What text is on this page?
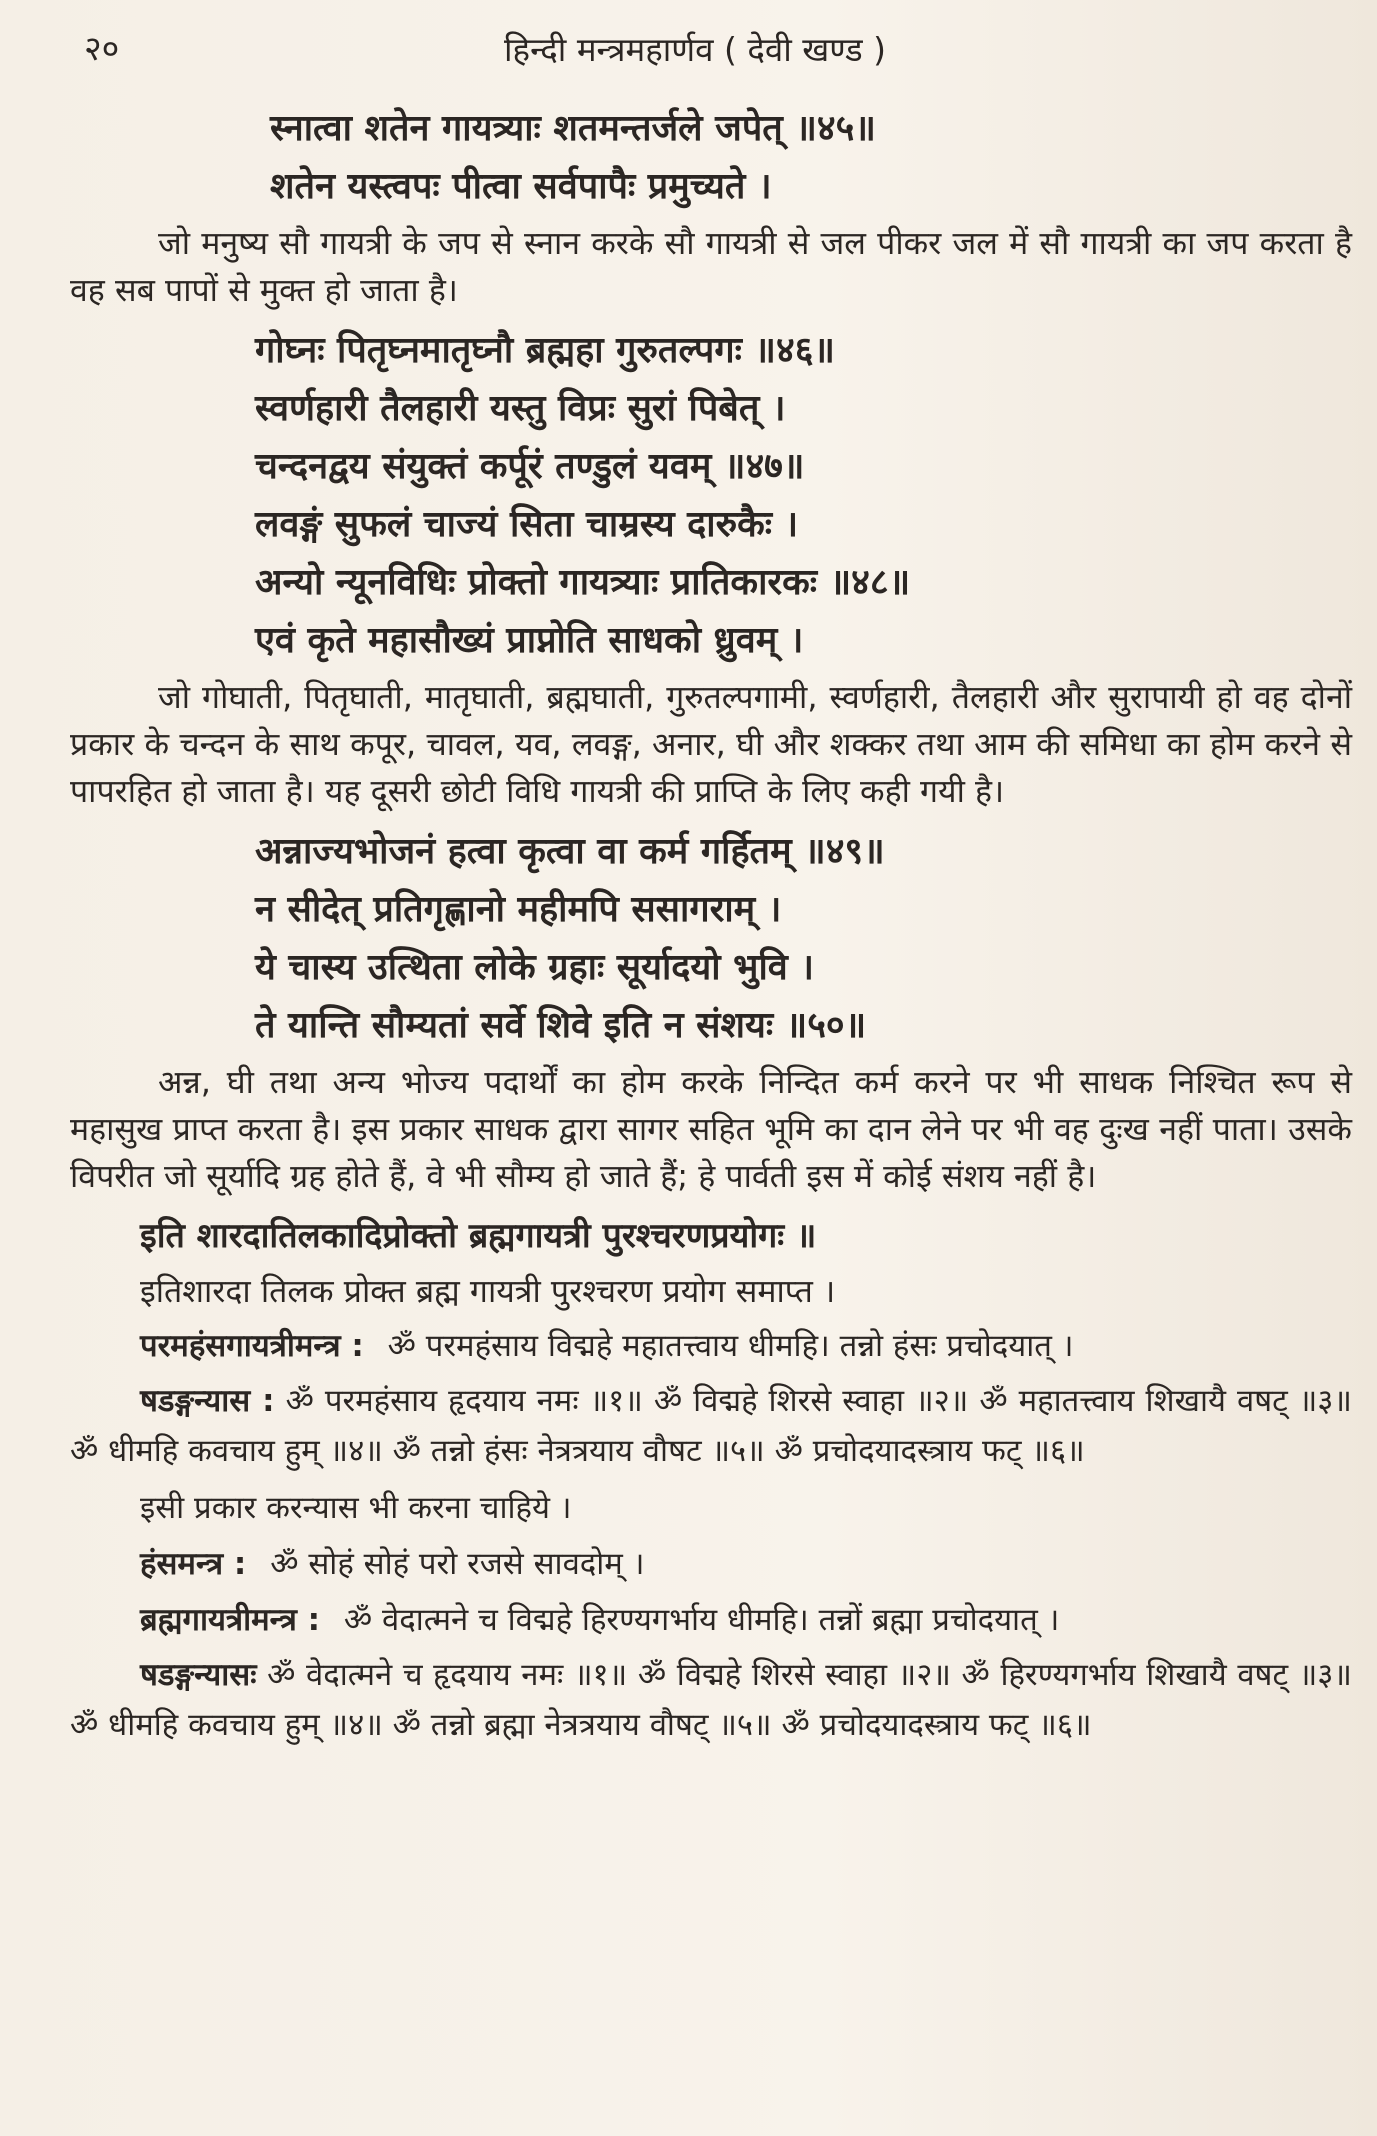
२०	हिन्दी मन्त्रमहार्णव ( देवी खण्ड )
स्नात्वा शतेन गायत्र्याः शतमन्तर्जले जपेत् ॥४५॥
शतेन यस्त्वपः पीत्वा सर्वपापैः प्रमुच्यते ।
जो मनुष्य सौ गायत्री के जप से स्नान करके सौ गायत्री से जल पीकर जल में सौ गायत्री का जप करता है वह सब पापों से मुक्त हो जाता है।
गोघ्नः पितृघ्नमातृघ्नौ ब्रह्महा गुरुतल्पगः ॥४६॥
स्वर्णहारी तैलहारी यस्तु विप्रः सुरां पिबेत् ।
चन्दनद्वय संयुक्तं कर्पूरं तण्डुलं यवम् ॥४७॥
लवङ्गं सुफलं चाज्यं सिता चाम्रस्य दारुकैः ।
अन्यो न्यूनविधिः प्रोक्तो गायत्र्याः प्रातिकारकः ॥४८॥
एवं कृते महासौख्यं प्राप्नोति साधको ध्रुवम् ।
जो गोघाती, पितृघाती, मातृघाती, ब्रह्मघाती, गुरुतल्पगामी, स्वर्णहारी, तैलहारी और सुरापायी हो वह दोनों प्रकार के चन्दन के साथ कपूर, चावल, यव, लवङ्ग, अनार, घी और शक्कर तथा आम की समिधा का होम करने से पापरहित हो जाता है। यह दूसरी छोटी विधि गायत्री की प्राप्ति के लिए कही गयी है।
अन्नाज्यभोजनं हत्वा कृत्वा वा कर्म गर्हितम् ॥४९॥
न सीदेत् प्रतिगृह्णानो महीमपि ससागराम् ।
ये चास्य उत्थिता लोके ग्रहाः सूर्यादयो भुवि ।
ते यान्ति सौम्यतां सर्वे शिवे इति न संशयः ॥५०॥
अन्न, घी तथा अन्य भोज्य पदार्थों का होम करके निन्दित कर्म करने पर भी साधक निश्चित रूप से महासुख प्राप्त करता है। इस प्रकार साधक द्वारा सागर सहित भूमि का दान लेने पर भी वह दुःख नहीं पाता। उसके विपरीत जो सूर्यादि ग्रह होते हैं, वे भी सौम्य हो जाते हैं; हे पार्वती इस में कोई संशय नहीं है।
इति शारदातिलकादिप्रोक्तो ब्रह्मगायत्री पुरश्चरणप्रयोगः ॥
इतिशारदा तिलक प्रोक्त ब्रह्म गायत्री पुरश्चरण प्रयोग समाप्त ।
परमहंसगायत्रीमन्त्र : ॐ परमहंसाय विद्महे महातत्त्वाय धीमहि। तन्नो हंसः प्रचोदयात् ।
षडङ्गन्यास : ॐ परमहंसाय हृदयाय नमः ॥१॥ ॐ विद्महे शिरसे स्वाहा ॥२॥ ॐ महातत्त्वाय शिखायै वषट् ॥३॥ ॐ धीमहि कवचाय हुम् ॥४॥ ॐ तन्नो हंसः नेत्रत्रयाय वौषट ॥५॥ ॐ प्रचोदयादस्त्राय फट् ॥६॥
इसी प्रकार करन्यास भी करना चाहिये ।
हंसमन्त्र : ॐ सोहं सोहं परो रजसे सावदोम् ।
ब्रह्मगायत्रीमन्त्र : ॐ वेदात्मने च विद्महे हिरण्यगर्भाय धीमहि। तन्नों ब्रह्मा प्रचोदयात् ।
षडङ्गन्यासः ॐ वेदात्मने च हृदयाय नमः ॥१॥ ॐ विद्महे शिरसे स्वाहा ॥२॥ ॐ हिरण्यगर्भाय शिखायै वषट् ॥३॥ ॐ धीमहि कवचाय हुम् ॥४॥ ॐ तन्नो ब्रह्मा नेत्रत्रयाय वौषट् ॥५॥ ॐ प्रचोदयादस्त्राय फट् ॥६॥
